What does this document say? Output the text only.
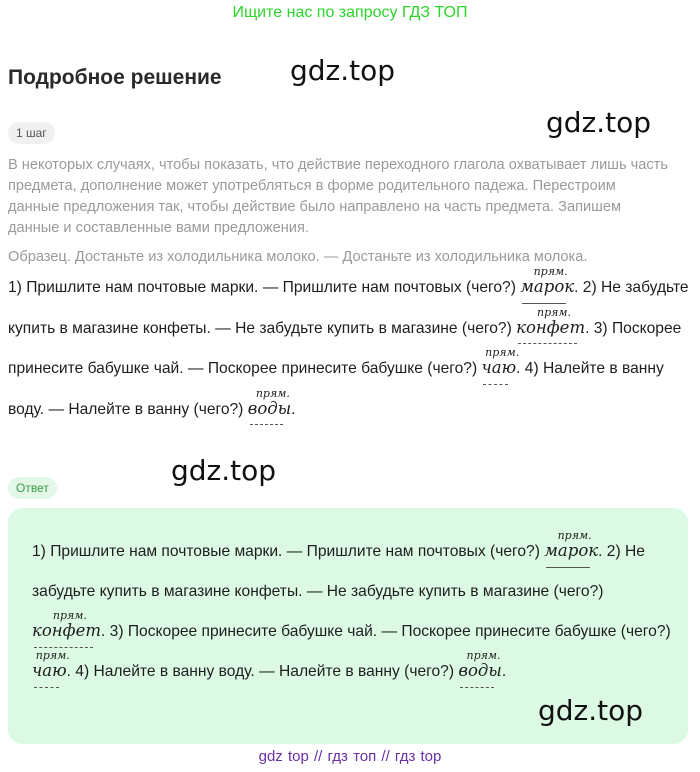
Ищите нас по запросу ГДЗ ТОП
Подробное решение gdz.top
gdz.top
gdz.top
1 шаг

В некоторых случаях, чтобы показать, что действие переходного глагола охватывает лишь часть предмета, дополнение может употребляться в форме родительного падежа. Перестроим данные предложения так, чтобы действие было направлено на часть предмета. Запишем данные и составленные вами предложения.

Образец. Достаньте из холодильника молоко. — Достаньте из холодильника молока.

1) Пришлите нам почтовые марки. — Пришлите нам почтовых (чего?)
прям.
марок
. 2) Не забудьте купить в магазине конфеты. — Не забудьте купить в магазине (чего?)
прям.
конфет
. 3) Поскорее принесите бабушке чай. — Поскорее принесите бабушке (чего?)
прям.
чаю
. 4) Налейте в ванну воду. — Налейте в ванну (чего?)
прям.
воды
.

Ответ

1) Пришлите нам почтовые марки. — Пришлите нам почтовых (чего?)
прям.
марок
. 2) Не забудьте купить в магазине конфеты. — Не забудьте купить в магазине (чего?)
прям.
конфет
. 3) Поскорее принесите бабушке чай. — Поскорее принесите бабушке (чего?)
прям.
чаю
. 4) Налейте в ванну воду. — Налейте в ванну (чего?)
прям.
воды
.

gdz.top
gdz top // гдз топ // гдз top
